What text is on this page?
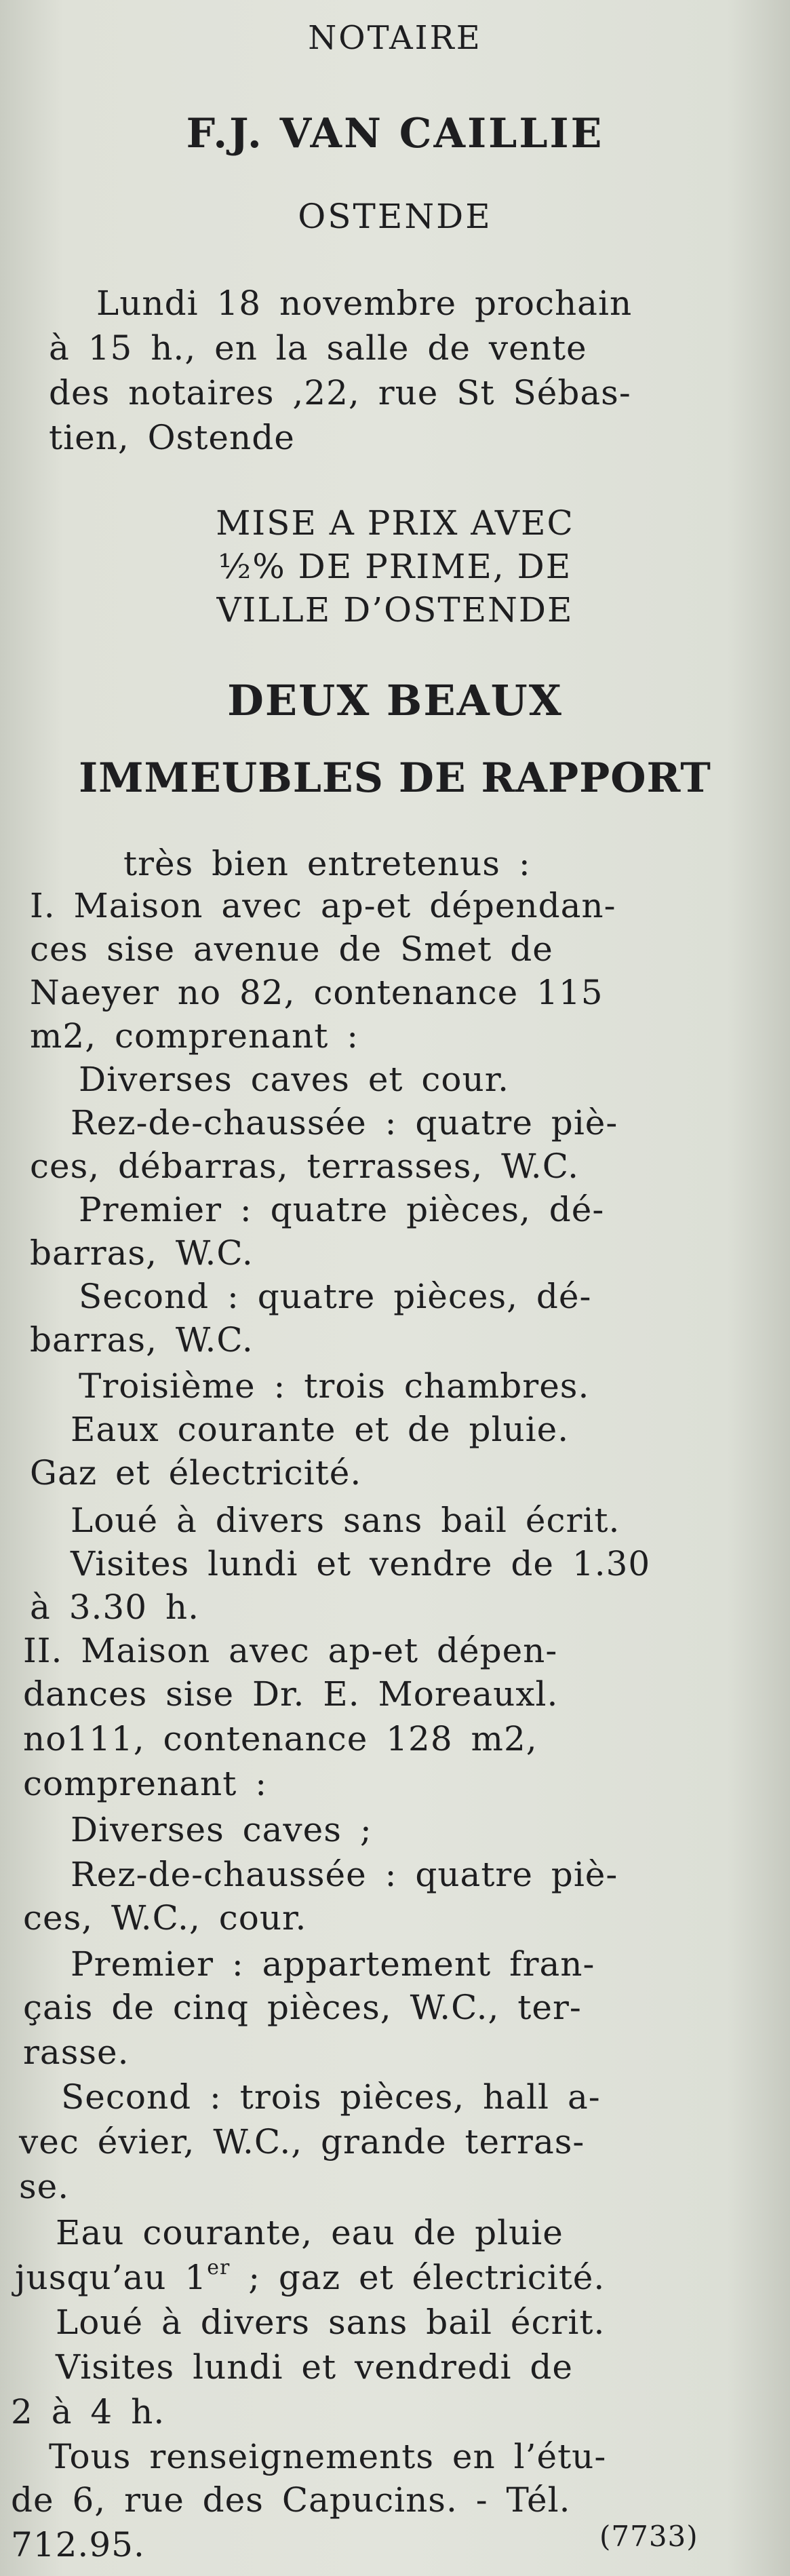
NOTAIRE
F.J. VAN CAILLIE
OSTENDE
Lundi 18 novembre prochain
à 15 h., en la salle de vente
des notaires ,22, rue St Sébas-
tien, Ostende
MISE A PRIX AVEC
½% DE PRIME, DE
VILLE D’OSTENDE
DEUX BEAUX
IMMEUBLES DE RAPPORT
très bien entretenus :
I. Maison avec ap-et dépendan-
ces sise avenue de Smet de
Naeyer no 82, contenance 115
m2, comprenant :
Diverses caves et cour.
Rez-de-chaussée : quatre piè-
ces, débarras, terrasses, W.C.
Premier : quatre pièces, dé-
barras, W.C.
Second : quatre pièces, dé-
barras, W.C.
Troisième : trois chambres.
Eaux courante et de pluie.
Gaz et électricité.
Loué à divers sans bail écrit.
Visites lundi et vendre de 1.30
à 3.30 h.
II. Maison avec ap-et dépen-
dances sise Dr. E. Moreauxl.
no111, contenance 128 m2,
comprenant :
Diverses caves ;
Rez-de-chaussée : quatre piè-
ces, W.C., cour.
Premier : appartement fran-
çais de cinq pièces, W.C., ter-
rasse.
Second : trois pièces, hall a-
vec évier, W.C., grande terras-
se.
Eau courante, eau de pluie
jusqu’au 1er ; gaz et électricité.
Loué à divers sans bail écrit.
Visites lundi et vendredi de
2 à 4 h.
Tous renseignements en l’étu-
de 6, rue des Capucins. - Tél.
712.95.	(7733)
